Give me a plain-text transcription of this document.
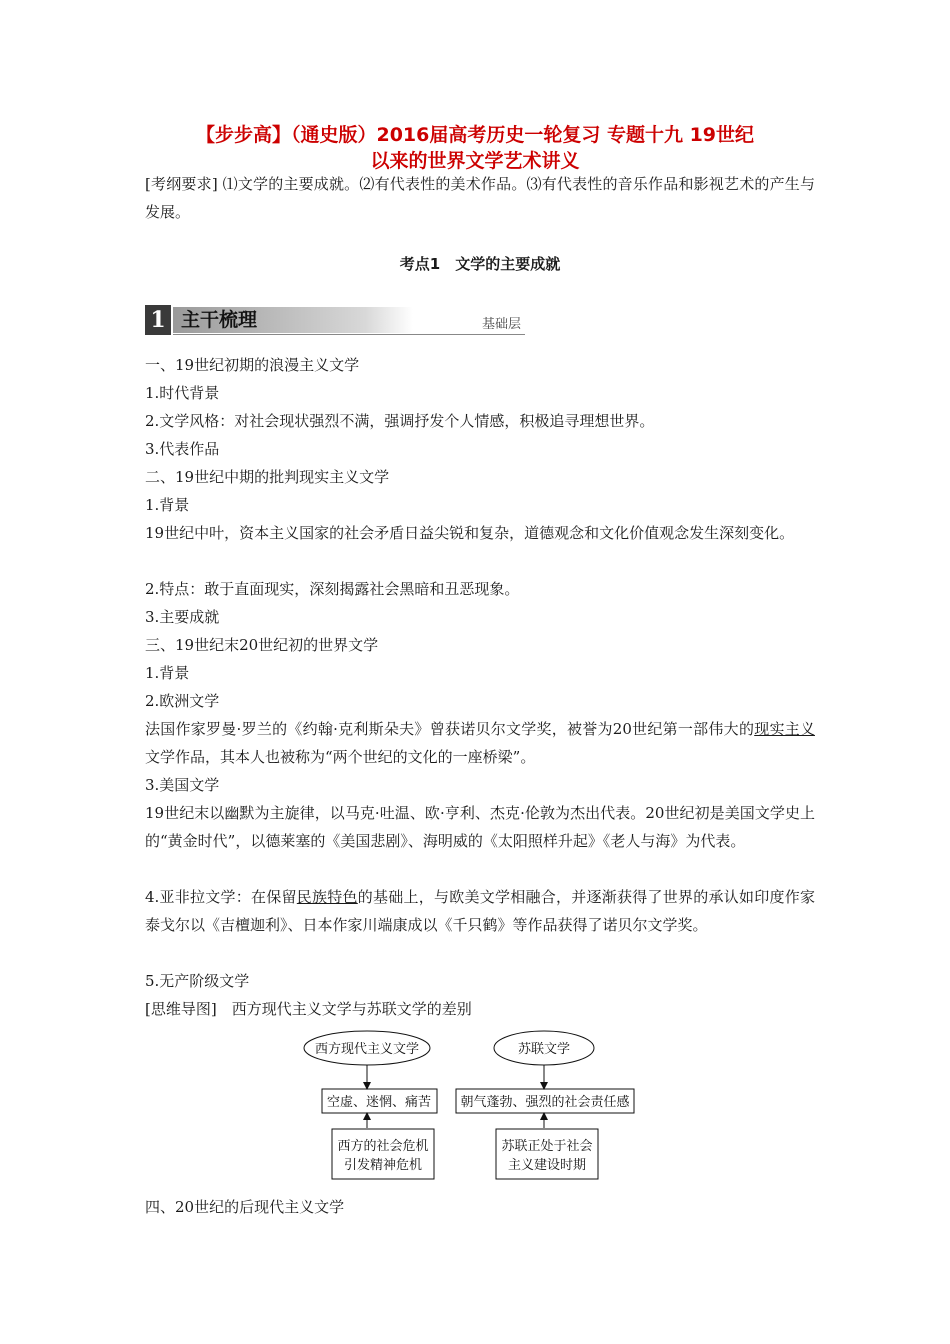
【步步高】（通史版）2016届高考历史一轮复习 专题十九 19世纪
以来的世界文学艺术讲义
[考纲要求] ⑴文学的主要成就。⑵有代表性的美术作品。⑶有代表性的音乐作品和影视艺术的产生与发展。
考点1　文学的主要成就
1 主干梳理	基础层
一、19世纪初期的浪漫主义文学
1.时代背景
2.文学风格：对社会现状强烈不满，强调抒发个人情感，积极追寻理想世界。
3.代表作品
二、19世纪中期的批判现实主义文学
1.背景
19世纪中叶，资本主义国家的社会矛盾日益尖锐和复杂，道德观念和文化价值观念发生深刻变化。
2.特点：敢于直面现实，深刻揭露社会黑暗和丑恶现象。
3.主要成就
三、19世纪末20世纪初的世界文学
1.背景
2.欧洲文学
法国作家罗曼·罗兰的《约翰·克利斯朵夫》曾获诺贝尔文学奖，被誉为20世纪第一部伟大的现实主义文学作品，其本人也被称为“两个世纪的文化的一座桥梁”。
3.美国文学
19世纪末以幽默为主旋律，以马克·吐温、欧·亨利、杰克·伦敦为杰出代表。20世纪初是美国文学史上的“黄金时代”，以德莱塞的《美国悲剧》、海明威的《太阳照样升起》《老人与海》为代表。
4.亚非拉文学：在保留民族特色的基础上，与欧美文学相融合，并逐渐获得了世界的承认如印度作家泰戈尔以《吉檀迦利》、日本作家川端康成以《千只鹤》等作品获得了诺贝尔文学奖。
5.无产阶级文学
[思维导图]　西方现代主义文学与苏联文学的差别
西方现代主义文学
空虚、迷惘、痛苦
西方的社会危机
引发精神危机
苏联文学
朝气蓬勃、强烈的社会责任感
苏联正处于社会
主义建设时期
四、20世纪的后现代主义文学
